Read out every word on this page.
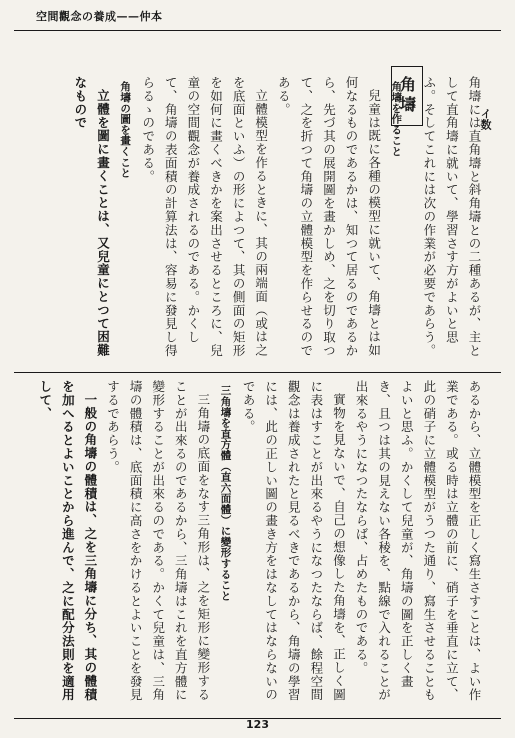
空間觀念の養成——仲本
イ数
角壔	角壔には直角壔と斜角壔との二種あるが、主として直角壔に就いて、學習さす方がよいと思ふ。そしてこれには次の作業が必要であらう。

角壔を作ること

兒童は既に各種の模型に就いて、角壔とは如何なるものであるかは、知つて居るのであるから、先づ其の展開圖を畫かしめ、之を切り取つて、之を折つて角壔の立體模型を作らせるのである。

立體模型を作るときに、其の兩端面（或は之を底面といふ）の形によつて、其の側面の矩形を如何に畫くべきかを案出させるところに、兒童の空間觀念が養成されるのである。かくして、角壔の表面積の計算法は、容易に發見し得らるゝのである。

角壔の圖を畫くこと

立體を圖に畫くことは、又兒童にとつて困難なもので

あるから、立體模型を正しく寫生さすことは、よい作業である。或る時は立體の前に、硝子を垂直に立て、此の硝子に立體模型がうつた通り、寫生させることもよいと思ふ。かくして兒童が、角壔の圖を正しく畫き、且つは其の見えない各稜を、點線で入れることが出來るやうになつたならば、占めたものである。

實物を見ないで、自己の想像した角壔を、正しく圖に表はすことが出來るやうになつたならば、餘程空間觀念は養成されたと見るべきであるから、角壔の學習には、此の正しい圖の畫き方をはなしてはならないのである。

三角壔を直方體（直六面體）に變形すること

三角壔の底面をなす三角形は、之を矩形に變形することが出來るのであるから、三角壔はこれを直方體に變形することが出來るのである。かくて兒童は、三角壔の體積は、底面積に高さをかけるとよいことを發見するであらう。

一般の角壔の體積は、之を三角壔に分ち、其の體積を加へるとよいことから進んで、之に配分法則を適用して、

123
